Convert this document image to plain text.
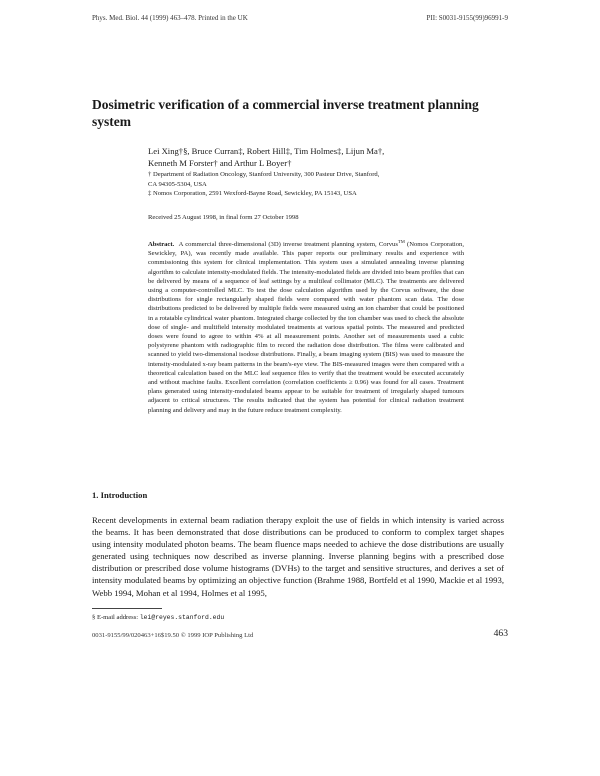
Phys. Med. Biol. 44 (1999) 463–478. Printed in the UK	PII: S0031-9155(99)96991-9
Dosimetric verification of a commercial inverse treatment planning system
Lei Xing†§, Bruce Curran‡, Robert Hill‡, Tim Holmes‡, Lijun Ma†,
Kenneth M Forster† and Arthur L Boyer†
† Department of Radiation Oncology, Stanford University, 300 Pasteur Drive, Stanford,
CA 94305-5304, USA
‡ Nomos Corporation, 2591 Wexford-Bayne Road, Sewickley, PA 15143, USA
Received 25 August 1998, in final form 27 October 1998
Abstract. A commercial three-dimensional (3D) inverse treatment planning system, Corvus™ (Nomos Corporation, Sewickley, PA), was recently made available. This paper reports our preliminary results and experience with commissioning this system for clinical implementation. This system uses a simulated annealing inverse planning algorithm to calculate intensity-modulated fields. The intensity-modulated fields are divided into beam profiles that can be delivered by means of a sequence of leaf settings by a multileaf collimator (MLC). The treatments are delivered using a computer-controlled MLC. To test the dose calculation algorithm used by the Corvus software, the dose distributions for single rectangularly shaped fields were compared with water phantom scan data. The dose distributions predicted to be delivered by multiple fields were measured using an ion chamber that could be positioned in a rotatable cylindrical water phantom. Integrated charge collected by the ion chamber was used to check the absolute dose of single- and multifield intensity modulated treatments at various spatial points. The measured and predicted doses were found to agree to within 4% at all measurement points. Another set of measurements used a cubic polystyrene phantom with radiographic film to record the radiation dose distribution. The films were calibrated and scanned to yield two-dimensional isodose distributions. Finally, a beam imaging system (BIS) was used to measure the intensity-modulated x-ray beam patterns in the beam's-eye view. The BIS-measured images were then compared with a theoretical calculation based on the MLC leaf sequence files to verify that the treatment would be executed accurately and without machine faults. Excellent correlation (correlation coefficients ≥ 0.96) was found for all cases. Treatment plans generated using intensity-modulated beams appear to be suitable for treatment of irregularly shaped tumours adjacent to critical structures. The results indicated that the system has potential for clinical radiation treatment planning and delivery and may in the future reduce treatment complexity.
1. Introduction
Recent developments in external beam radiation therapy exploit the use of fields in which intensity is varied across the beams. It has been demonstrated that dose distributions can be produced to conform to complex target shapes using intensity modulated photon beams. The beam fluence maps needed to achieve the dose distributions are usually generated using techniques now described as inverse planning. Inverse planning begins with a prescribed dose distribution or prescribed dose volume histograms (DVHs) to the target and sensitive structures, and derives a set of intensity modulated beams by optimizing an objective function (Brahme 1988, Bortfeld et al 1990, Mackie et al 1993, Webb 1994, Mohan et al 1994, Holmes et al 1995,
§ E-mail address: lei@reyes.stanford.edu
0031-9155/99/020463+16$19.50 © 1999 IOP Publishing Ltd	463
